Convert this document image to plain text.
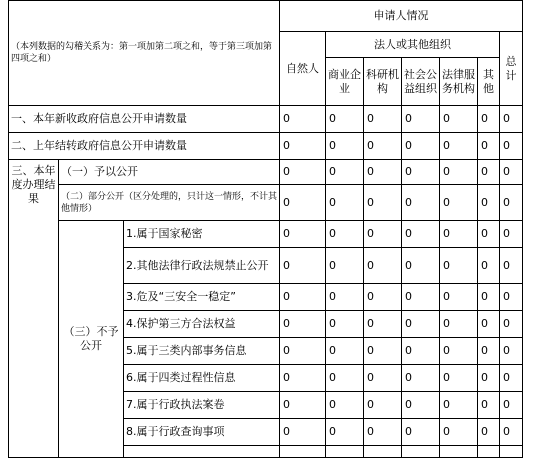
（本列数据的勾稽关系为：第一项加第二项之和，等于第三项加第四项之和）			申请人情况						
			自然人	法人或其他组织					总计
				商业企业	科研机构	社会公益组织	法律服务机构	其他	
一、本年新收政府信息公开申请数量			0	0	0	0	0	0	0
二、上年结转政府信息公开申请数量			0	0	0	0	0	0	0
三、本年度办理结果	（一）予以公开		0	0	0	0	0	0	0
	（二）部分公开（区分处理的，只计这一情形，不计其他情形）		0	0	0	0	0	0	0
	（三）不予公开	1.属于国家秘密	0	0	0	0	0	0	0
		2.其他法律行政法规禁止公开	0	0	0	0	0	0	0
		3.危及“三安全一稳定”	0	0	0	0	0	0	0
		4.保护第三方合法权益	0	0	0	0	0	0	0
		5.属于三类内部事务信息	0	0	0	0	0	0	0
		6.属于四类过程性信息	0	0	0	0	0	0	0
		7.属于行政执法案卷	0	0	0	0	0	0	0
		8.属于行政查询事项	0	0	0	0	0	0	0
